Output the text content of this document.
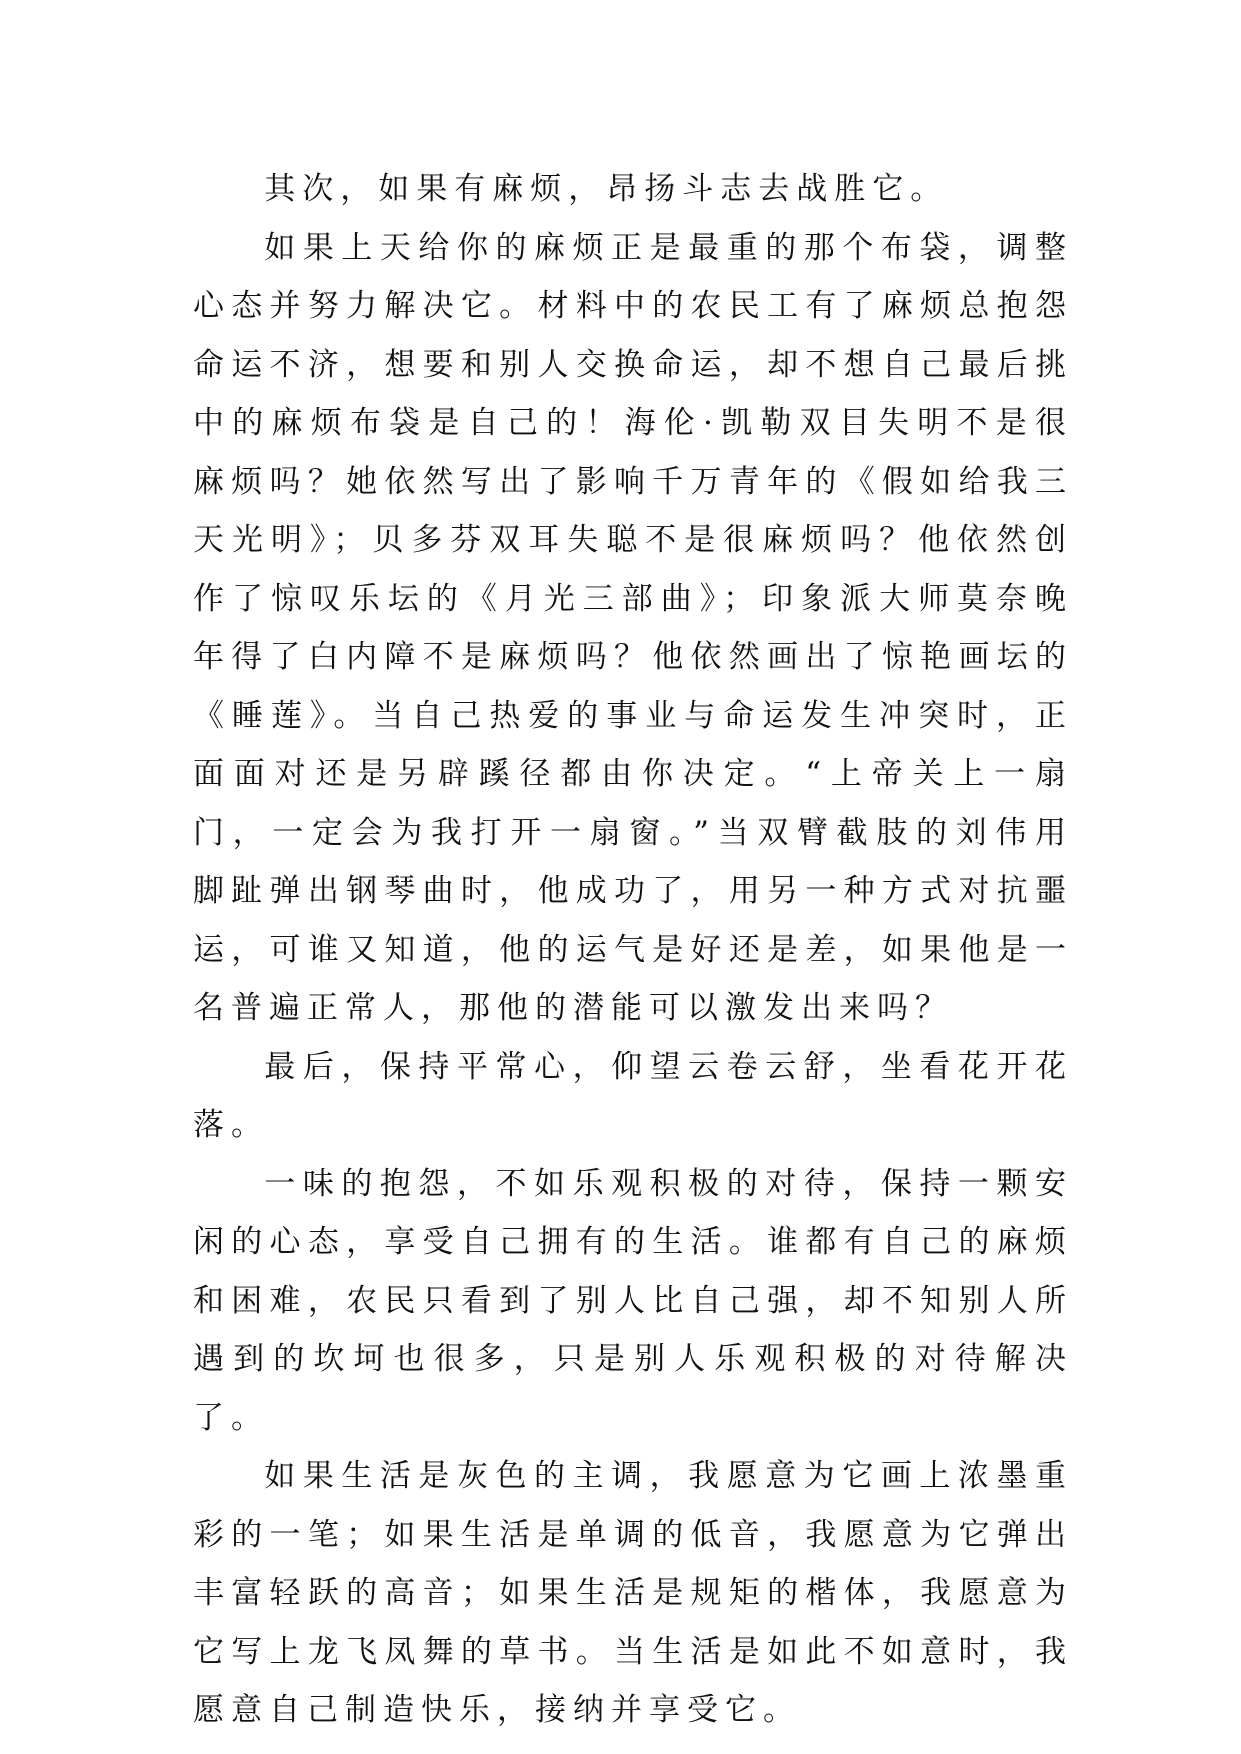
其次，如果有麻烦，昂扬斗志去战胜它。

如果上天给你的麻烦正是最重的那个布袋，调整心态并努力解决它。材料中的农民工有了麻烦总抱怨命运不济，想要和别人交换命运，却不想自己最后挑中的麻烦布袋是自己的！海伦·凯勒双目失明不是很麻烦吗？她依然写出了影响千万青年的《假如给我三天光明》；贝多芬双耳失聪不是很麻烦吗？他依然创作了惊叹乐坛的《月光三部曲》；印象派大师莫奈晚年得了白内障不是麻烦吗？他依然画出了惊艳画坛的《睡莲》。当自己热爱的事业与命运发生冲突时，正面面对还是另辟蹊径都由你决定。“上帝关上一扇门，一定会为我打开一扇窗。”当双臂截肢的刘伟用脚趾弹出钢琴曲时，他成功了，用另一种方式对抗噩运，可谁又知道，他的运气是好还是差，如果他是一名普遍正常人，那他的潜能可以激发出来吗？

最后，保持平常心，仰望云卷云舒，坐看花开花落。

一味的抱怨，不如乐观积极的对待，保持一颗安闲的心态，享受自己拥有的生活。谁都有自己的麻烦和困难，农民只看到了别人比自己强，却不知别人所遇到的坎坷也很多，只是别人乐观积极的对待解决了。

如果生活是灰色的主调，我愿意为它画上浓墨重彩的一笔；如果生活是单调的低音，我愿意为它弹出丰富轻跃的高音；如果生活是规矩的楷体，我愿意为它写上龙飞凤舞的草书。当生活是如此不如意时，我愿意自己制造快乐，接纳并享受它。
